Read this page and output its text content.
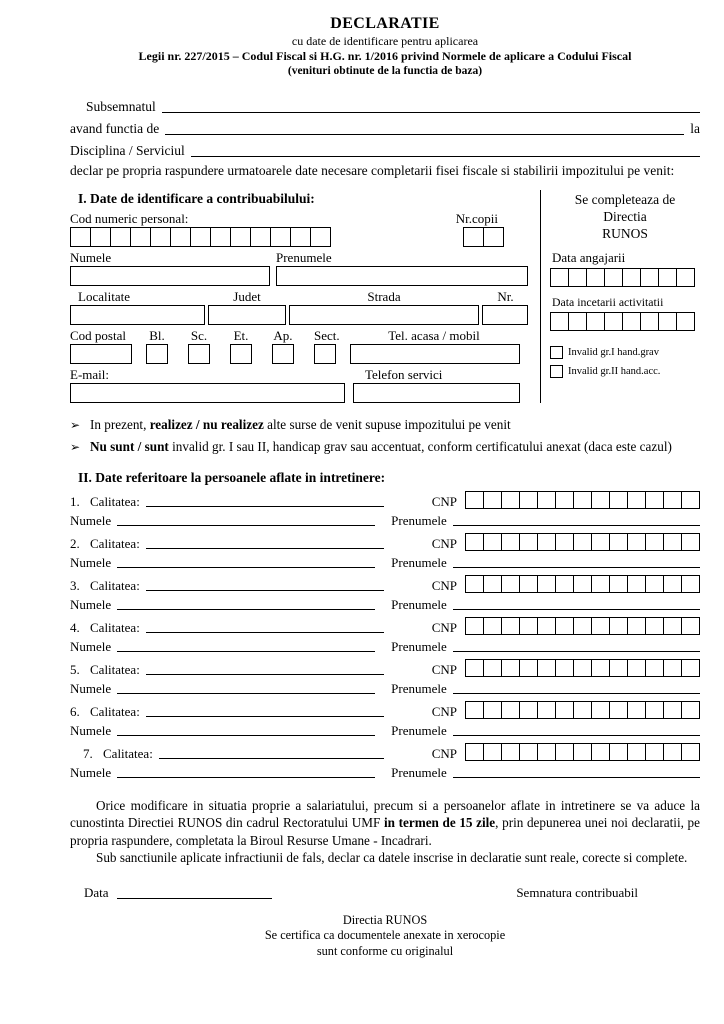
DECLARATIE
cu date de identificare pentru aplicarea
Legii nr. 227/2015 – Codul Fiscal si H.G. nr. 1/2016 privind Normele de aplicare a Codului Fiscal
(venituri obtinute de la functia de baza)
Subsemnatul
avand functia de	la
Disciplina / Serviciul

declar pe propria raspundere urmatoarele date necesare completarii fisei fiscale si stabilirii impozitului pe venit:

I. Date de identificare a contribuabilului:
Cod numeric personal:	Nr.copii
Numele	Prenumele
Localitate	Judet	Strada	Nr.
Cod postal	Bl. Sc. Et. Ap. Sect.	Tel. acasa / mobil
E-mail:	Telefon servici
Se completeaza de
Directia
RUNOS
Data angajarii
Data incetarii activitatii
Invalid gr.I hand.grav
Invalid gr.II hand.acc.
➢ In prezent, realizez / nu realizez alte surse de venit supuse impozitului pe venit
➢ Nu sunt / sunt invalid gr. I sau II, handicap grav sau accentuat, conform certificatului anexat (daca este cazul)
II. Date referitoare la persoanele aflate in intretinere:
1. Calitatea:	CNP
Numele	Prenumele
2. Calitatea:	CNP
Numele	Prenumele
3. Calitatea:	CNP
Numele	Prenumele
4. Calitatea:	CNP
Numele	Prenumele
5. Calitatea:	CNP
Numele	Prenumele
6. Calitatea:	CNP
Numele	Prenumele
7. Calitatea:	CNP
Numele	Prenumele

Orice modificare in situatia proprie a salariatului, precum si a persoanelor aflate in intretinere se va aduce la cunostinta Directiei RUNOS din cadrul Rectoratului UMF in termen de 15 zile, prin depunerea unei noi declaratii, pe propria raspundere, completata la Biroul Resurse Umane - Incadrari.

Sub sanctiunile aplicate infractiunii de fals, declar ca datele inscrise in declaratie sunt reale, corecte si complete.

Data	Semnatura contribuabil
Directia RUNOS
Se certifica ca documentele anexate in xerocopie
sunt conforme cu originalul
